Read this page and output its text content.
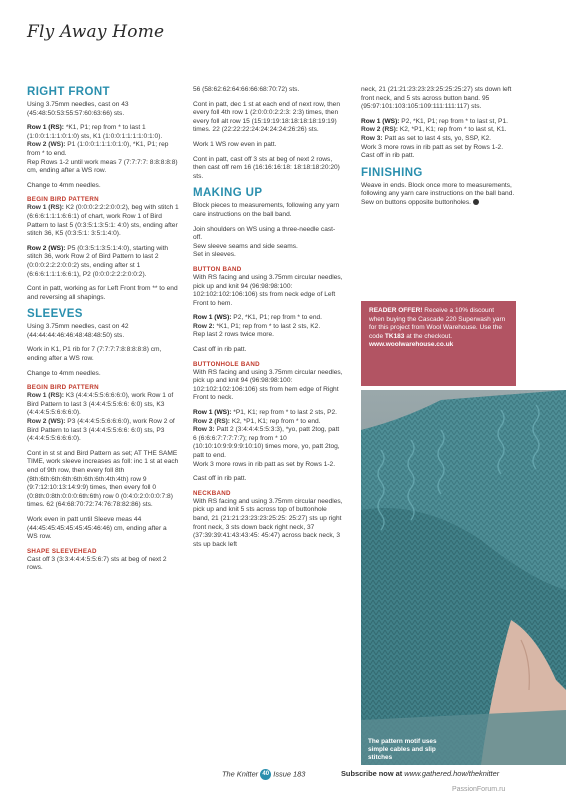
Fly Away Home
RIGHT FRONT
Using 3.75mm needles, cast on 43 (45:48:50:53:55:57:60:63:66) sts.
Row 1 (RS): *K1, P1; rep from * to last 1 (1:0:0:1:1:1:0:1:0) sts, K1 (1:0:0:1:1:1:1:0:1:0).
Row 2 (WS): P1 (1:0:0:1:1:1:0:1:0), *K1, P1; rep from * to end.
Rep Rows 1-2 until work meas 7 (7:7:7:7: 8:8:8:8:8) cm, ending after a WS row.
Change to 4mm needles.
BEGIN BIRD PATTERN
Row 1 (RS): K2 (0:0:0:2:2:2:0:0:2), beg with stitch 1 (6:6:6:1:1:1:6:6:1) of chart, work Row 1 of Bird Pattern to last 5 (0:3:5:1:3:5:1: 4:0) sts, ending after stitch 36, K5 (0:3:5:1: 3:5:1:4:0).
Row 2 (WS): P5 (0:3:5:1:3:5:1:4:0), starting with stitch 36, work Row 2 of Bird Pattern to last 2 (0:0:0:2:2:2:0:0:2) sts, ending after st 1 (6:6:6:1:1:1:6:6:1), P2 (0:0:0:2:2:2:0:0:2).
Cont in patt, working as for Left Front from ** to end and reversing all shapings.
SLEEVES
Using 3.75mm needles, cast on 42 (44:44:44:46:46:48:48:48:50) sts.
Work in K1, P1 rib for 7 (7:7:7:7:8:8:8:8:8) cm, ending after a WS row.
Change to 4mm needles.
BEGIN BIRD PATTERN
Row 1 (RS): K3 (4:4:4:5:5:6:6:6:0), work Row 1 of Bird Pattern to last 3 (4:4:4:5:5:6:6: 6:0) sts, K3 (4:4:4:5:5:6:6:6:0).
Row 2 (WS): P3 (4:4:4:5:5:6:6:6:0), work Row 2 of Bird Pattern to last 3 (4:4:4:5:5:6:6: 6:0) sts, P3 (4:4:4:5:5:6:6:6:0).
Cont in st st and Bird Pattern as set; AT THE SAME TIME, work sleeve increases as foll: inc 1 st at each end of 9th row, then every foll 8th (8th:6th:6th:6th:6th:6th:6th:4th:4th) row 9 (9:7:12:10:13:14:9:9) times, then every foll 0 (0:8th:0:8th:0:0:0:6th:6th) row 0 (0:4:0:2:0:0:0:7:8) times. 62 (64:68:70:72:74:76:78:82:86) sts.
Work even in patt until Sleeve meas 44 (44:45:45:45:45:45:45:46:46) cm, ending after a WS row.
SHAPE SLEEVEHEAD
Cast off 3 (3:3:4:4:4:5:5:6:7) sts at beg of next 2 rows.
56 (58:62:62:64:66:66:68:70:72) sts.
Cont in patt, dec 1 st at each end of next row, then every foll 4th row 1 (2:0:0:0:2:2:3: 2:3) times, then every foll alt row 15 (15:19:19:18:18:18:18:19:19) times. 22 (22:22:22:24:24:24:24:26:26) sts.
Work 1 WS row even in patt.
Cont in patt, cast off 3 sts at beg of next 2 rows, then cast off rem 16 (16:16:16:18: 18:18:18:20:20) sts.
MAKING UP
Block pieces to measurements, following any yarn care instructions on the ball band.
Join shoulders on WS using a three-needle cast-off.
Sew sleeve seams and side seams.
Set in sleeves.
BUTTON BAND
With RS facing and using 3.75mm circular needles, pick up and knit 94 (96:98:98:100: 102:102:102:106:106) sts from neck edge of Left Front to hem.
Row 1 (WS): P2, *K1, P1; rep from * to end.
Row 2: *K1, P1; rep from * to last 2 sts, K2.
Rep last 2 rows twice more.
Cast off in rib patt.
BUTTONHOLE BAND
With RS facing and using 3.75mm circular needles, pick up and knit 94 (96:98:98:100: 102:102:102:106:106) sts from hem edge of Right Front to neck.
Row 1 (WS): *P1, K1; rep from * to last 2 sts, P2.
Row 2 (RS): K2, *P1, K1; rep from * to end.
Row 3: Patt 2 (3:4:4:4:5:5:3:3), *yo, patt 2tog, patt 6 (6:6:6:7:7:7:7:7); rep from * 10 (10:10:10:9:9:9:9:10:10) times more, yo, patt 2tog, patt to end.
Work 3 more rows in rib patt as set by Rows 1-2.
Cast off in rib patt.
NECKBAND
With RS facing and using 3.75mm circular needles, pick up and knit 5 sts across top of buttonhole band, 21 (21:21:23:23:23:25:25: 25:27) sts up right front neck, 3 sts down back right neck, 37 (37:39:39:41:43:43:45: 45:47) across back neck, 3 sts up back left
neck, 21 (21:21:23:23:23:25:25:25:27) sts down left front neck, and 5 sts across button band. 95 (95:97:101:103:105:109:111:111:117) sts.
Row 1 (WS): P2, *K1, P1; rep from * to last st, P1.
Row 2 (RS): K2, *P1, K1; rep from * to last st, K1.
Row 3: Patt as set to last 4 sts, yo, SSP, K2.
Work 3 more rows in rib patt as set by Rows 1-2.
Cast off in rib patt.
FINISHING
Weave in ends. Block once more to measurements, following any yarn care instructions on the ball band.
Sew on buttons opposite buttonholes.
READER OFFER! Receive a 10% discount when buying the Cascade 220 Superwash yarn for this project from Wool Warehouse. Use the code TK183 at the checkout.
www.woolwarehouse.co.uk
The pattern motif uses simple cables and slip stitches
The Knitter 40 Issue 183	Subscribe now at www.gathered.how/theknitter
PassionForum.ru
